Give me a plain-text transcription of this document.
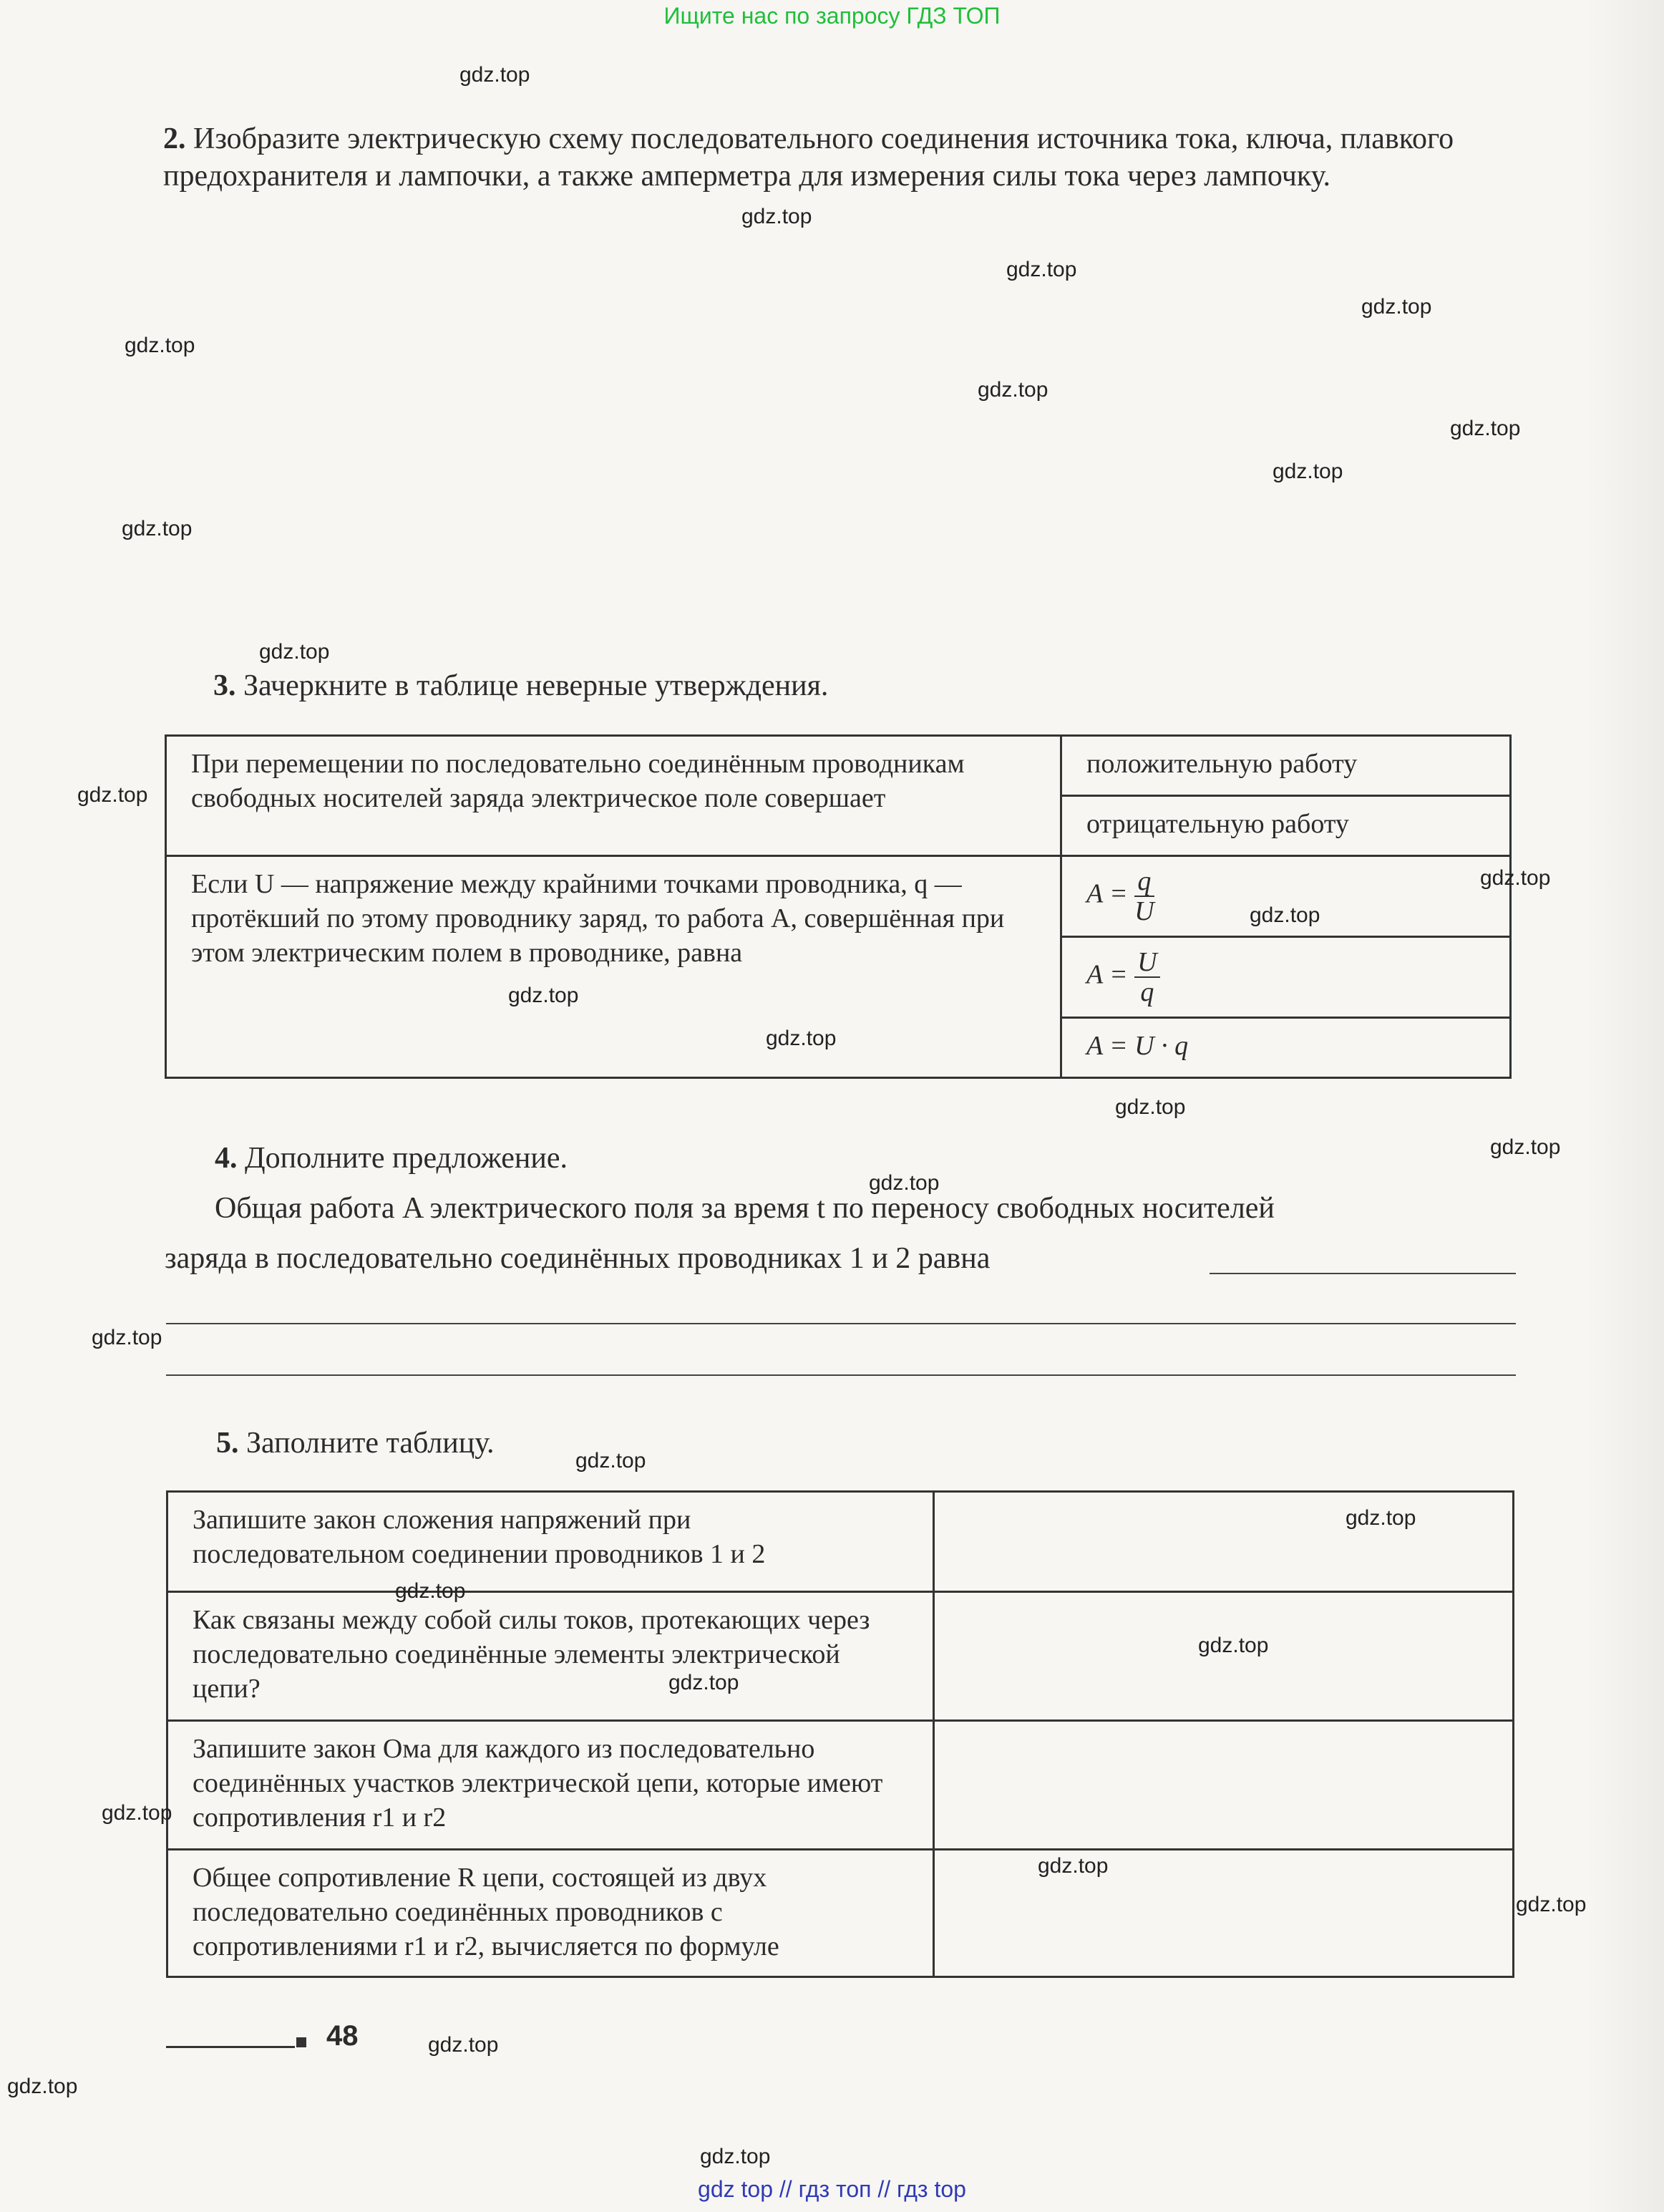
Ищите нас по запросу ГДЗ ТОП
2. Изобразите электрическую схему последовательного соединения источника тока, ключа, плавкого предохранителя и лампочки, а также амперметра для измерения силы тока через лампочку.
3. Зачеркните в таблице неверные утверждения.
При перемещении по последовательно соединённым проводникам свободных носителей заряда электрическое поле совершает	положительную работу
	отрицательную работу
Если U — напряжение между крайними точками проводника, q — протёкший по этому проводнику заряд, то работа A, совершённая при этом электрическим полем в проводнике, равна	$A = \frac{q}{U}$

	$A = \frac{U}{q}$

	A = U · q
4. Дополните предложение.
Общая работа A электрического поля за время t по переносу свободных носителей
заряда в последовательно соединённых проводниках 1 и 2 равна
5. Заполните таблицу.
Запишите закон сложения напряжений при последовательном соединении проводников 1 и 2	
Как связаны между собой силы токов, протекающих через последовательно соединённые элементы электрической цепи?	
Запишите закон Ома для каждого из последовательно соединённых участков электрической цепи, которые имеют сопротивления r1 и r2	
Общее сопротивление R цепи, состоящей из двух последовательно соединённых проводников с сопротивлениями r1 и r2, вычисляется по формуле	
48
gdz.top
gdz.top
gdz.top
gdz.top
gdz.top
gdz.top
gdz.top
gdz.top
gdz.top
gdz.top
gdz.top
gdz.top
gdz.top
gdz.top
gdz.top
gdz.top
gdz.top
gdz.top
gdz.top
gdz.top
gdz.top
gdz.top
gdz.top
gdz.top
gdz.top
gdz.top
gdz.top
gdz.top
gdz.top
gdz.top
gdz top // гдз топ // гдз top
